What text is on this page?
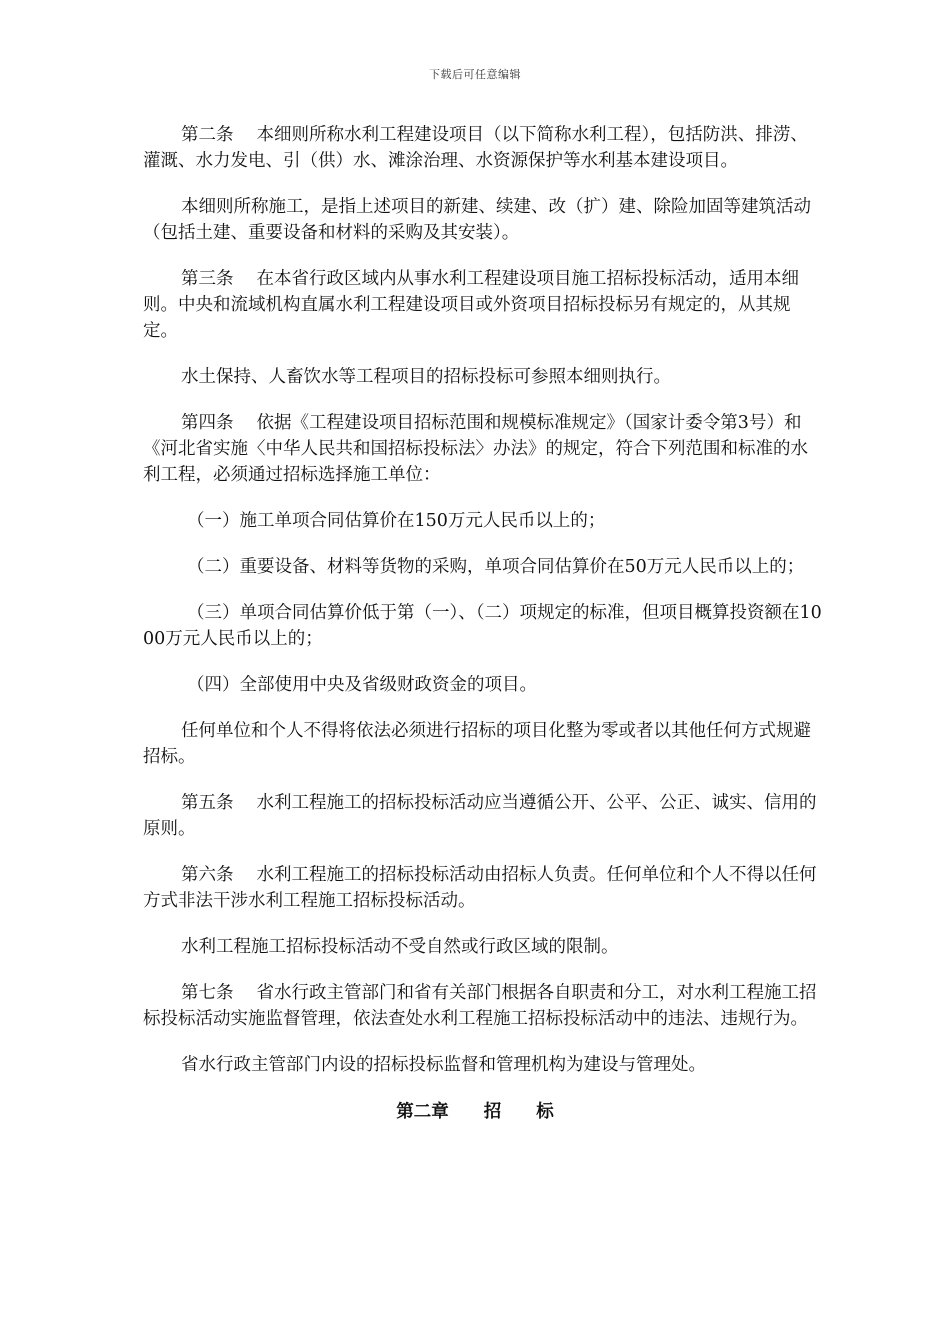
下载后可任意编辑

第二条　 本细则所称水利工程建设项目（以下简称水利工程），包括防洪、排涝、灌溉、水力发电、引（供）水、滩涂治理、水资源保护等水利基本建设项目。

本细则所称施工，是指上述项目的新建、续建、改（扩）建、除险加固等建筑活动（包括土建、重要设备和材料的采购及其安装）。

第三条　 在本省行政区域内从事水利工程建设项目施工招标投标活动，适用本细则。中央和流域机构直属水利工程建设项目或外资项目招标投标另有规定的，从其规定。

水土保持、人畜饮水等工程项目的招标投标可参照本细则执行。

第四条　 依据《工程建设项目招标范围和规模标准规定》（国家计委令第3号）和《河北省实施〈中华人民共和国招标投标法〉办法》的规定，符合下列范围和标准的水利工程，必须通过招标选择施工单位：

（一）施工单项合同估算价在150万元人民币以上的；

（二）重要设备、材料等货物的采购，单项合同估算价在50万元人民币以上的；

（三）单项合同估算价低于第（一）、（二）项规定的标准，但项目概算投资额在1000万元人民币以上的；

（四）全部使用中央及省级财政资金的项目。

任何单位和个人不得将依法必须进行招标的项目化整为零或者以其他任何方式规避招标。

第五条　 水利工程施工的招标投标活动应当遵循公开、公平、公正、诚实、信用的原则。

第六条　 水利工程施工的招标投标活动由招标人负责。任何单位和个人不得以任何方式非法干涉水利工程施工招标投标活动。

水利工程施工招标投标活动不受自然或行政区域的限制。

第七条　 省水行政主管部门和省有关部门根据各自职责和分工，对水利工程施工招标投标活动实施监督管理，依法查处水利工程施工招标投标活动中的违法、违规行为。

省水行政主管部门内设的招标投标监督和管理机构为建设与管理处。

第二章　　招　　标
